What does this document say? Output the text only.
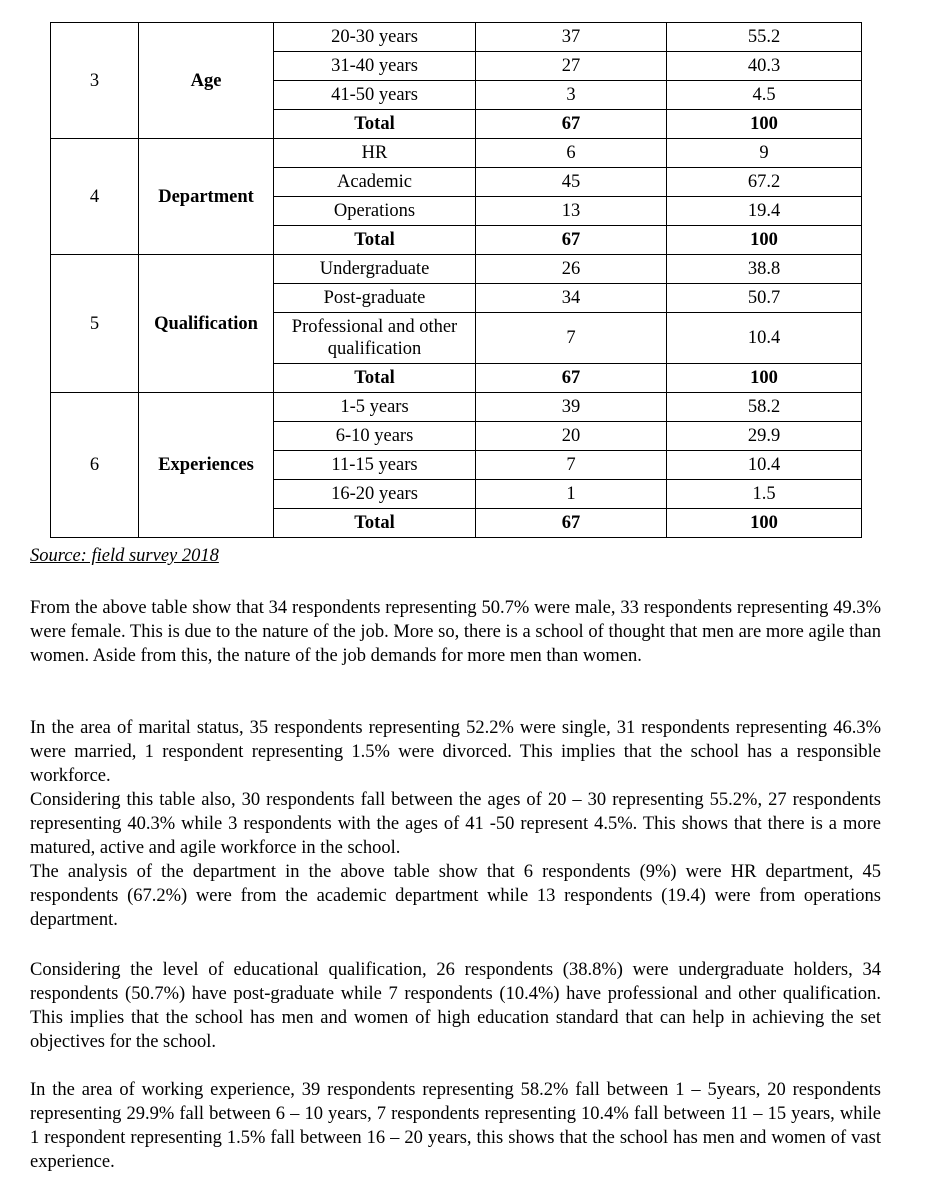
3	Age	20-30 years	37	55.2
		31-40 years	27	40.3
		41-50 years	3	4.5
		Total	67	100
4	Department	HR	6	9
		Academic	45	67.2
		Operations	13	19.4
		Total	67	100
5	Qualification	Undergraduate	26	38.8
		Post-graduate	34	50.7
		Professional and other qualification	7	10.4
		Total	67	100
6	Experiences	1-5 years	39	58.2
		6-10 years	20	29.9
		11-15 years	7	10.4
		16-20 years	1	1.5
		Total	67	100
Source: field survey 2018

From the above table show that 34 respondents representing 50.7% were male, 33 respondents representing 49.3% were female. This is due to the nature of the job. More so, there is a school of thought that men are more agile than women. Aside from this, the nature of the job demands for more men than women.

In the area of marital status, 35 respondents representing 52.2% were single, 31 respondents representing 46.3% were married, 1 respondent representing 1.5% were divorced. This implies that the school has a responsible workforce.

Considering this table also, 30 respondents fall between the ages of 20 – 30 representing 55.2%, 27 respondents representing 40.3% while 3 respondents with the ages of 41 -50 represent 4.5%. This shows that there is a more matured, active and agile workforce in the school.

The analysis of the department in the above table show that 6 respondents (9%) were HR department, 45 respondents (67.2%) were from the academic department while 13 respondents (19.4) were from operations department.

Considering the level of educational qualification, 26 respondents (38.8%) were undergraduate holders, 34 respondents (50.7%) have post-graduate while 7 respondents (10.4%) have professional and other qualification. This implies that the school has men and women of high education standard that can help in achieving the set objectives for the school.

In the area of working experience, 39 respondents representing 58.2% fall between 1 – 5years, 20 respondents representing 29.9% fall between 6 – 10 years, 7 respondents representing 10.4% fall between 11 – 15 years, while 1 respondent representing 1.5% fall between 16 – 20 years, this shows that the school has men and women of vast experience.
